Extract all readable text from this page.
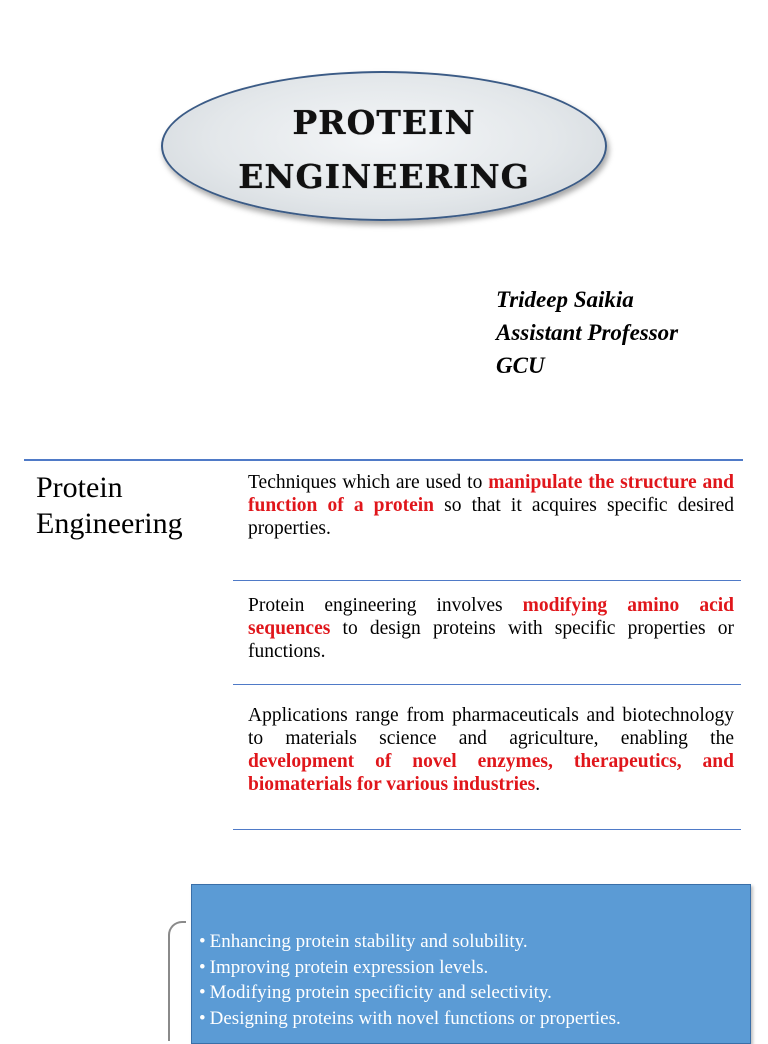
PROTEIN
ENGINEERING
Trideep Saikia
Assistant Professor
GCU
Protein
Engineering
Techniques which are used to manipulate the structure and function of a protein so that it acquires specific desired properties.
Protein engineering involves modifying amino acid sequences to design proteins with specific properties or functions.
Applications range from pharmaceuticals and biotechnology to materials science and agriculture, enabling the development of novel enzymes, therapeutics, and biomaterials for various industries.
• Enhancing protein stability and solubility.
• Improving protein expression levels.
• Modifying protein specificity and selectivity.
• Designing proteins with novel functions or properties.
